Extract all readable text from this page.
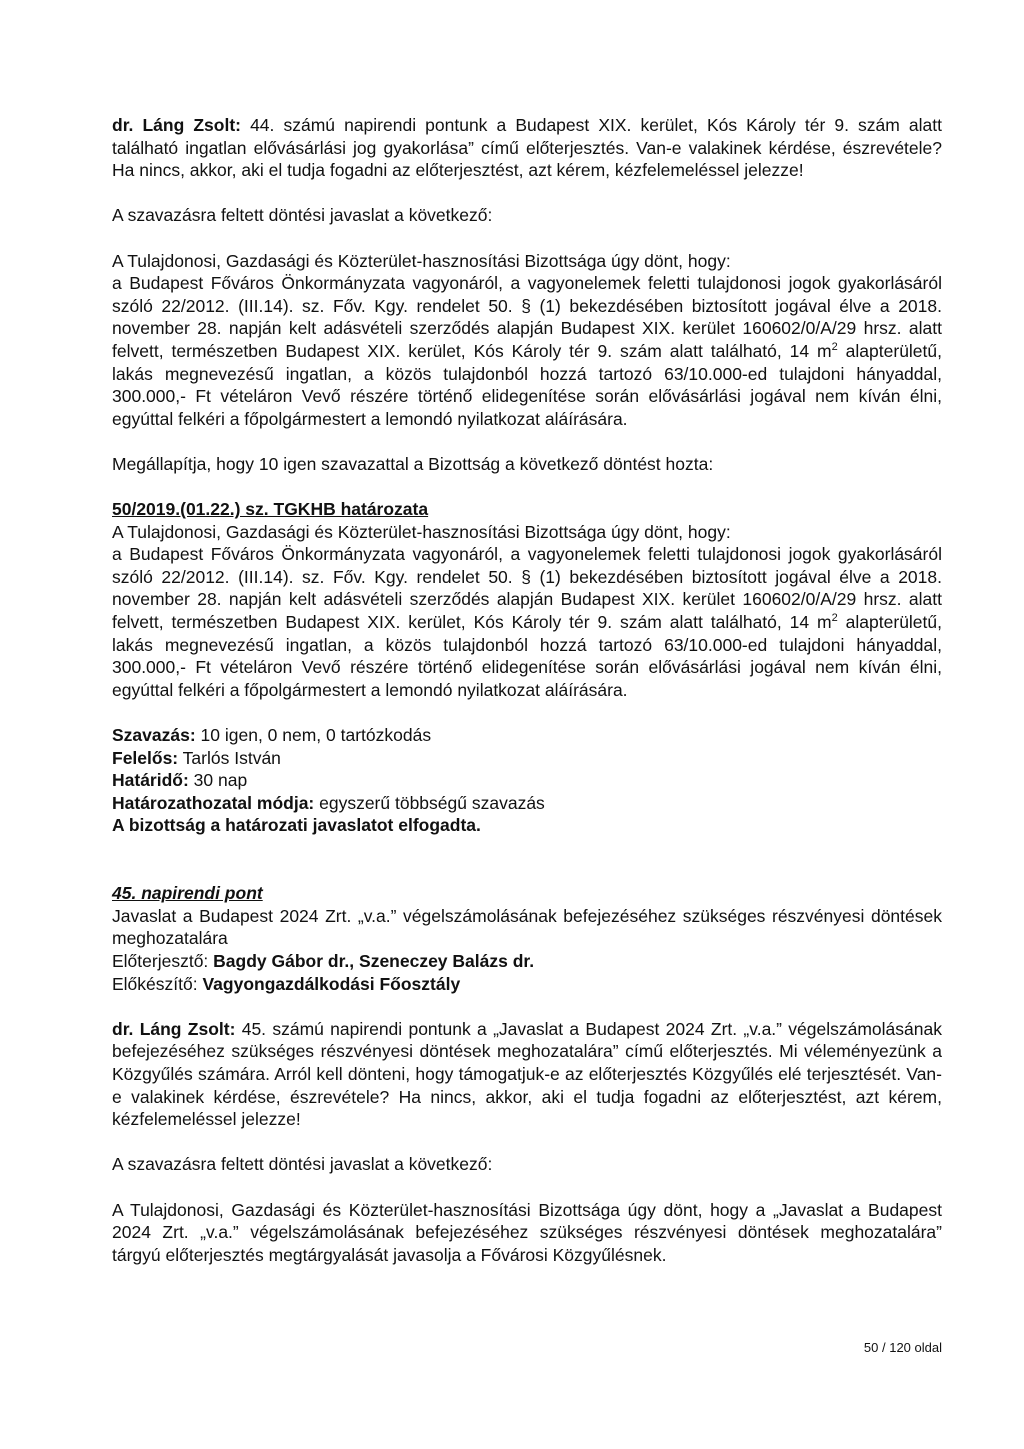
dr. Láng Zsolt: 44. számú napirendi pontunk a Budapest XIX. kerület, Kós Károly tér 9. szám alatt található ingatlan elővásárlási jog gyakorlása” című előterjesztés. Van-e valakinek kérdése, észrevétele? Ha nincs, akkor, aki el tudja fogadni az előterjesztést, azt kérem, kézfelemeléssel jelezze!

A szavazásra feltett döntési javaslat a következő:

A Tulajdonosi, Gazdasági és Közterület-hasznosítási Bizottsága úgy dönt, hogy:

a Budapest Főváros Önkormányzata vagyonáról, a vagyonelemek feletti tulajdonosi jogok gyakorlásáról szóló 22/2012. (III.14). sz. Főv. Kgy. rendelet 50. § (1) bekezdésében biztosított jogával élve a 2018. november 28. napján kelt adásvételi szerződés alapján Budapest XIX. kerület 160602/0/A/29 hrsz. alatt felvett, természetben Budapest XIX. kerület, Kós Károly tér 9. szám alatt található, 14 $m^2$ alapterületű, lakás megnevezésű ingatlan, a közös tulajdonból hozzá tartozó 63/10.000-ed tulajdoni hányaddal, 300.000,- Ft vételáron Vevő részére történő elidegenítése során elővásárlási jogával nem kíván élni, egyúttal felkéri a főpolgármestert a lemondó nyilatkozat aláírására.

Megállapítja, hogy 10 igen szavazattal a Bizottság a következő döntést hozta:

50/2019.(01.22.) sz. TGKHB határozata

A Tulajdonosi, Gazdasági és Közterület-hasznosítási Bizottsága úgy dönt, hogy:

a Budapest Főváros Önkormányzata vagyonáról, a vagyonelemek feletti tulajdonosi jogok gyakorlásáról szóló 22/2012. (III.14). sz. Főv. Kgy. rendelet 50. § (1) bekezdésében biztosított jogával élve a 2018. november 28. napján kelt adásvételi szerződés alapján Budapest XIX. kerület 160602/0/A/29 hrsz. alatt felvett, természetben Budapest XIX. kerület, Kós Károly tér 9. szám alatt található, 14 $m^2$ alapterületű, lakás megnevezésű ingatlan, a közös tulajdonból hozzá tartozó 63/10.000-ed tulajdoni hányaddal, 300.000,- Ft vételáron Vevő részére történő elidegenítése során elővásárlási jogával nem kíván élni, egyúttal felkéri a főpolgármestert a lemondó nyilatkozat aláírására.

Szavazás: 10 igen, 0 nem, 0 tartózkodás

Felelős: Tarlós István

Határidő: 30 nap

Határozathozatal módja: egyszerű többségű szavazás

A bizottság a határozati javaslatot elfogadta.

45. napirendi pont

Javaslat a Budapest 2024 Zrt. „v.a.” végelszámolásának befejezéséhez szükséges részvényesi döntések meghozatalára

Előterjesztő: Bagdy Gábor dr., Szeneczey Balázs dr.

Előkészítő: Vagyongazdálkodási Főosztály

dr. Láng Zsolt: 45. számú napirendi pontunk a „Javaslat a Budapest 2024 Zrt. „v.a.” végelszámolásának befejezéséhez szükséges részvényesi döntések meghozatalára” című előterjesztés. Mi véleményezünk a Közgyűlés számára. Arról kell dönteni, hogy támogatjuk-e az előterjesztés Közgyűlés elé terjesztését. Van-e valakinek kérdése, észrevétele? Ha nincs, akkor, aki el tudja fogadni az előterjesztést, azt kérem, kézfelemeléssel jelezze!

A szavazásra feltett döntési javaslat a következő:

A Tulajdonosi, Gazdasági és Közterület-hasznosítási Bizottsága úgy dönt, hogy a „Javaslat a Budapest 2024 Zrt. „v.a.” végelszámolásának befejezéséhez szükséges részvényesi döntések meghozatalára” tárgyú előterjesztés megtárgyalását javasolja a Fővárosi Közgyűlésnek.

50 / 120 oldal
